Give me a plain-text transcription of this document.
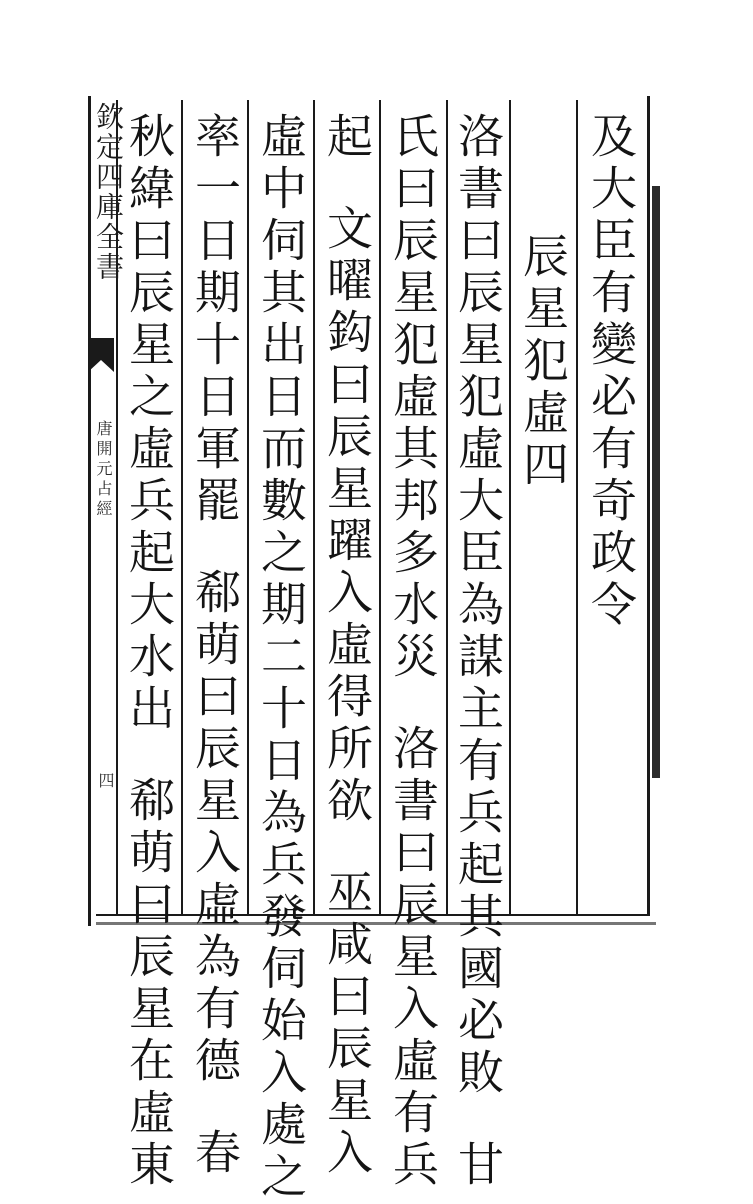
欽定四庫全書
唐開元占經
四
及大臣有變必有奇政令
辰星犯虛四
洛書曰辰星犯虛大臣為謀主有兵起其國必敗甘
氏曰辰星犯虛其邦多水災洛書曰辰星入虛有兵
起文曜鈎曰辰星躍入虛得所欲巫咸曰辰星入
虛中伺其出日而數之期二十日為兵發伺始入處之
率一日期十日軍罷郗萌曰辰星入虛為有德春
秋緯曰辰星之虛兵起大水出郗萌曰辰星在虛東
